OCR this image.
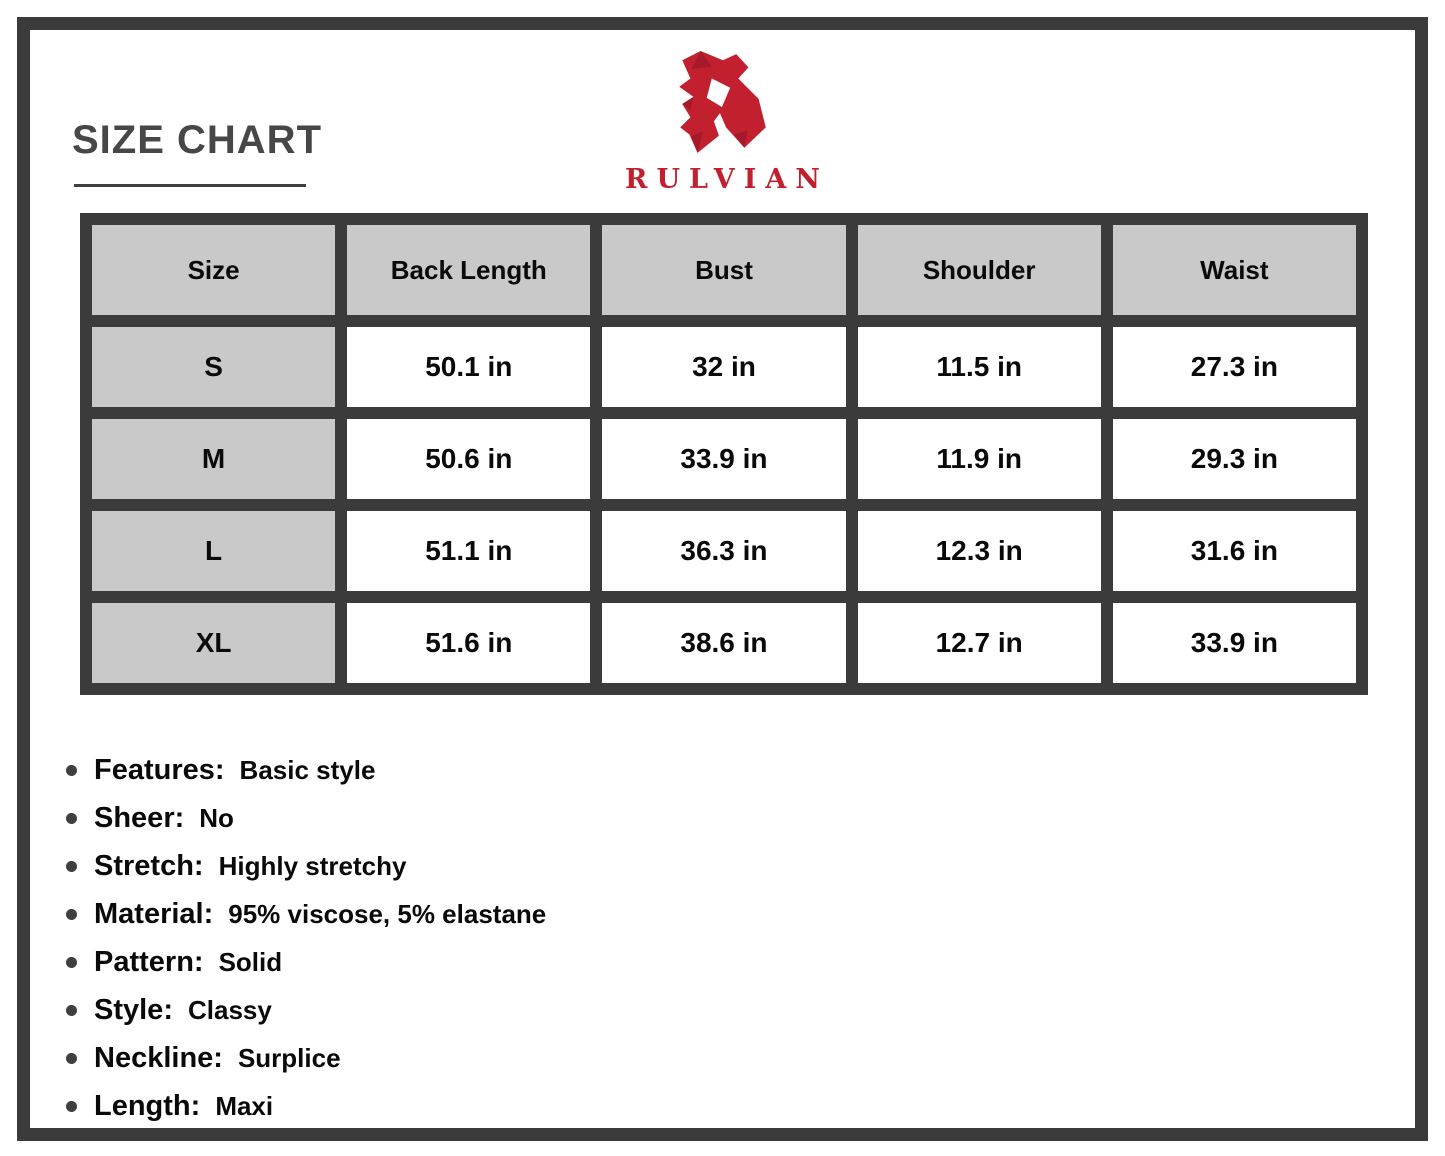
SIZE CHART
RULVIAN
Size	Back Length	Bust	Shoulder	Waist
S	50.1 in	32 in	11.5 in	27.3 in
M	50.6 in	33.9 in	11.9 in	29.3 in
L	51.1 in	36.3 in	12.3 in	31.6 in
XL	51.6 in	38.6 in	12.7 in	33.9 in
Features: Basic style
Sheer: No
Stretch: Highly stretchy
Material: 95% viscose, 5% elastane
Pattern: Solid
Style: Classy
Neckline: Surplice
Length: Maxi
